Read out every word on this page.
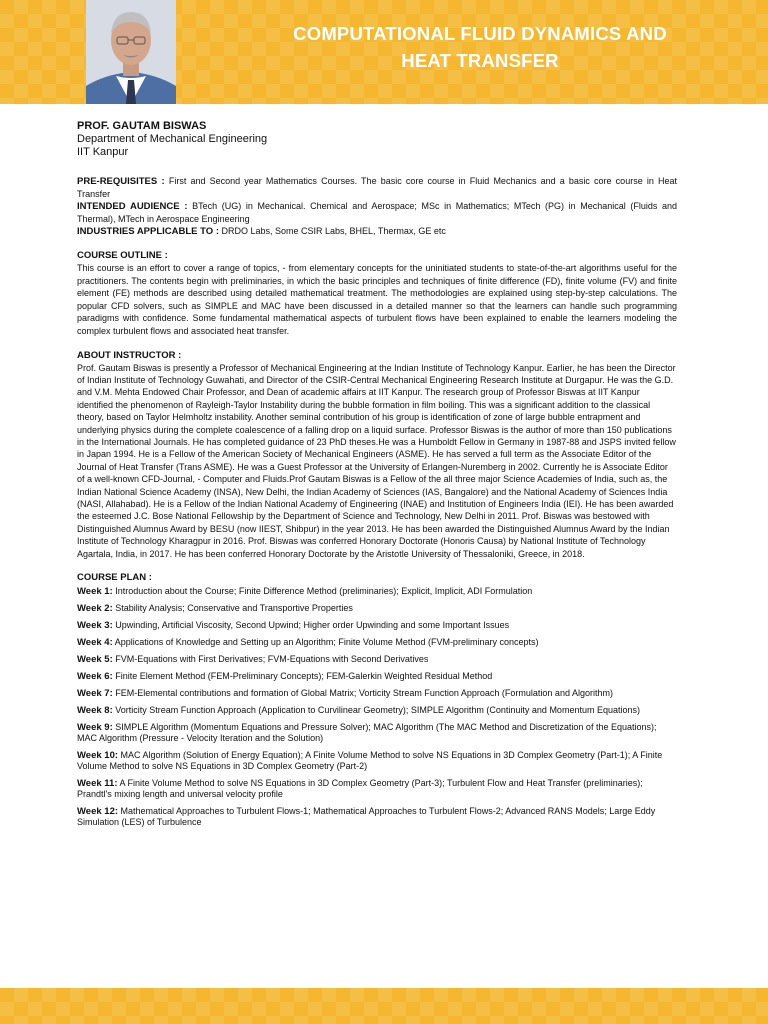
COMPUTATIONAL FLUID DYNAMICS AND
HEAT TRANSFER
PROF. GAUTAM BISWAS
Department of Mechanical Engineering
IIT Kanpur
PRE-REQUISITES : First and Second year Mathematics Courses. The basic core course in Fluid Mechanics and a basic core course in Heat Transfer
INTENDED AUDIENCE : BTech (UG) in Mechanical. Chemical and Aerospace; MSc in Mathematics; MTech (PG) in Mechanical (Fluids and Thermal), MTech in Aerospace Engineering
INDUSTRIES APPLICABLE TO : DRDO Labs, Some CSIR Labs, BHEL, Thermax, GE etc
COURSE OUTLINE :
This course is an effort to cover a range of topics, - from elementary concepts for the uninitiated students to state-of-the-art algorithms useful for the practitioners. The contents begin with preliminaries, in which the basic principles and techniques of finite difference (FD), finite volume (FV) and finite element (FE) methods are described using detailed mathematical treatment. The methodologies are explained using step-by-step calculations. The popular CFD solvers, such as SIMPLE and MAC have been discussed in a detailed manner so that the learners can handle such programming paradigms with confidence. Some fundamental mathematical aspects of turbulent flows have been explained to enable the learners modeling the complex turbulent flows and associated heat transfer.
ABOUT INSTRUCTOR :
Prof. Gautam Biswas is presently a Professor of Mechanical Engineering at the Indian Institute of Technology Kanpur. Earlier, he has been the Director of Indian Institute of Technology Guwahati, and Director of the CSIR-Central Mechanical Engineering Research Institute at Durgapur. He was the G.D. and V.M. Mehta Endowed Chair Professor, and Dean of academic affairs at IIT Kanpur. The research group of Professor Biswas at IIT Kanpur identified the phenomenon of Rayleigh-Taylor Instability during the bubble formation in film boiling. This was a significant addition to the classical theory, based on Taylor Helmholtz instability. Another seminal contribution of his group is identification of zone of large bubble entrapment and underlying physics during the complete coalescence of a falling drop on a liquid surface. Professor Biswas is the author of more than 150 publications in the International Journals. He has completed guidance of 23 PhD theses.He was a Humboldt Fellow in Germany in 1987-88 and JSPS invited fellow in Japan 1994. He is a Fellow of the American Society of Mechanical Engineers (ASME). He has served a full term as the Associate Editor of the Journal of Heat Transfer (Trans ASME). He was a Guest Professor at the University of Erlangen-Nuremberg in 2002. Currently he is Associate Editor of a well-known CFD-Journal, - Computer and Fluids.Prof Gautam Biswas is a Fellow of the all three major Science Academies of India, such as, the Indian National Science Academy (INSA), New Delhi, the Indian Academy of Sciences (IAS, Bangalore) and the National Academy of Sciences India (NASI, Allahabad). He is a Fellow of the Indian National Academy of Engineering (INAE) and Institution of Engineers India (IEI). He has been awarded the esteemed J.C. Bose National Fellowship by the Department of Science and Technology, New Delhi in 2011. Prof. Biswas was bestowed with Distinguished Alumnus Award by BESU (now IIEST, Shibpur) in the year 2013. He has been awarded the Distinguished Alumnus Award by the Indian Institute of Technology Kharagpur in 2016. Prof. Biswas was conferred Honorary Doctorate (Honoris Causa) by National Institute of Technology Agartala, India, in 2017. He has been conferred Honorary Doctorate by the Aristotle University of Thessaloniki, Greece, in 2018.
COURSE PLAN :
Week 1: Introduction about the Course; Finite Difference Method (preliminaries); Explicit, Implicit, ADI Formulation
Week 2: Stability Analysis; Conservative and Transportive Properties
Week 3: Upwinding, Artificial Viscosity, Second Upwind; Higher order Upwinding and some Important Issues
Week 4: Applications of Knowledge and Setting up an Algorithm; Finite Volume Method (FVM-preliminary concepts)
Week 5: FVM-Equations with First Derivatives; FVM-Equations with Second Derivatives
Week 6: Finite Element Method (FEM-Preliminary Concepts); FEM-Galerkin Weighted Residual Method
Week 7: FEM-Elemental contributions and formation of Global Matrix; Vorticity Stream Function Approach (Formulation and Algorithm)
Week 8: Vorticity Stream Function Approach (Application to Curvilinear Geometry); SIMPLE Algorithm (Continuity and Momentum Equations)
Week 9: SIMPLE Algorithm (Momentum Equations and Pressure Solver); MAC Algorithm (The MAC Method and Discretization of the Equations); MAC Algorithm (Pressure - Velocity Iteration and the Solution)
Week 10: MAC Algorithm (Solution of Energy Equation); A Finite Volume Method to solve NS Equations in 3D Complex Geometry (Part-1); A Finite Volume Method to solve NS Equations in 3D Complex Geometry (Part-2)
Week 11: A Finite Volume Method to solve NS Equations in 3D Complex Geometry (Part-3); Turbulent Flow and Heat Transfer (preliminaries); Prandtl's mixing length and universal velocity profile
Week 12: Mathematical Approaches to Turbulent Flows-1; Mathematical Approaches to Turbulent Flows-2; Advanced RANS Models; Large Eddy Simulation (LES) of Turbulence
